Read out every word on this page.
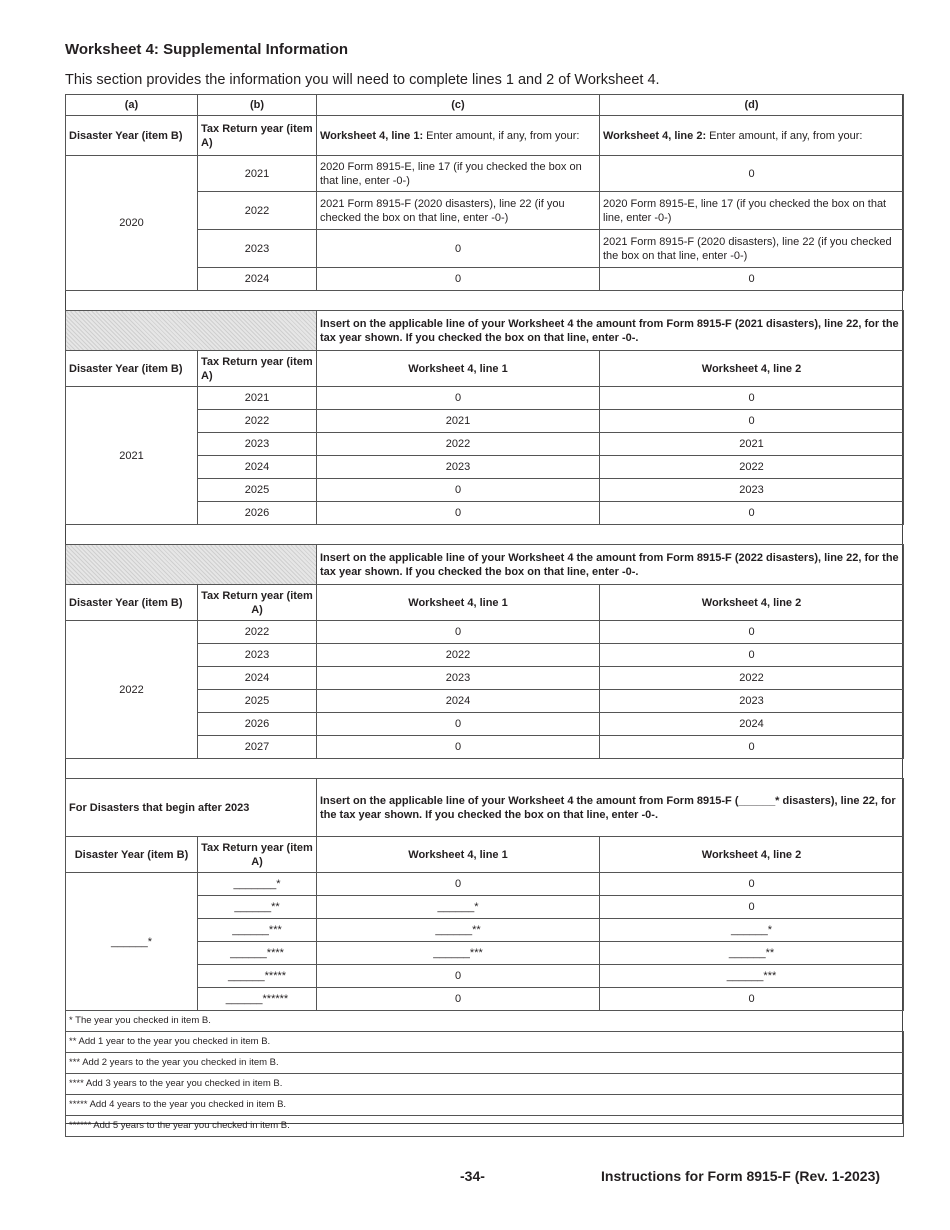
Worksheet 4: Supplemental Information

This section provides the information you will need to complete lines 1 and 2 of Worksheet 4.

(a)	(b)	(c)	(d)
Disaster Year (item B)	Tax Return year (item A)	Worksheet 4, line 1: Enter amount, if any, from your:	Worksheet 4, line 2: Enter amount, if any, from your:
2020	2021	2020 Form 8915-E, line 17 (if you checked the box on that line, enter -0-)	0
	2022	2021 Form 8915-F (2020 disasters), line 22 (if you checked the box on that line, enter -0-)	2020 Form 8915-E, line 17 (if you checked the box on that line, enter -0-)
	2023	0	2021 Form 8915-F (2020 disasters), line 22 (if you checked the box on that line, enter -0-)
	2024	0	0

		Insert on the applicable line of your Worksheet 4 the amount from Form 8915-F (2021 disasters), line 22, for the tax year shown. If you checked the box on that line, enter -0-.	
Disaster Year (item B)	Tax Return year (item A)	Worksheet 4, line 1	Worksheet 4, line 2
2021	2021	0	0
	2022	2021	0
	2023	2022	2021
	2024	2023	2022
	2025	0	2023
	2026	0	0

		Insert on the applicable line of your Worksheet 4 the amount from Form 8915-F (2022 disasters), line 22, for the tax year shown. If you checked the box on that line, enter -0-.	
Disaster Year (item B)	Tax Return year (item A)	Worksheet 4, line 1	Worksheet 4, line 2
2022	2022	0	0
	2023	2022	0
	2024	2023	2022
	2025	2024	2023
	2026	0	2024
	2027	0	0

For Disasters that begin after 2023		Insert on the applicable line of your Worksheet 4 the amount from Form 8915-F (______* disasters), line 22, for the tax year shown. If you checked the box on that line, enter -0-.	
Disaster Year (item B)	Tax Return year (item A)	Worksheet 4, line 1	Worksheet 4, line 2
______*	_______*	0	0
	______**	______*	0
	______***	______**	______*
	______****	______***	______**
	______*****	0	______***
	______******	0	0
* The year you checked in item B.			
** Add 1 year to the year you checked in item B.			
*** Add 2 years to the year you checked in item B.			
**** Add 3 years to the year you checked in item B.			
***** Add 4 years to the year you checked in item B.			
****** Add 5 years to the year you checked in item B.			

-34-	Instructions for Form 8915-F (Rev. 1-2023)
